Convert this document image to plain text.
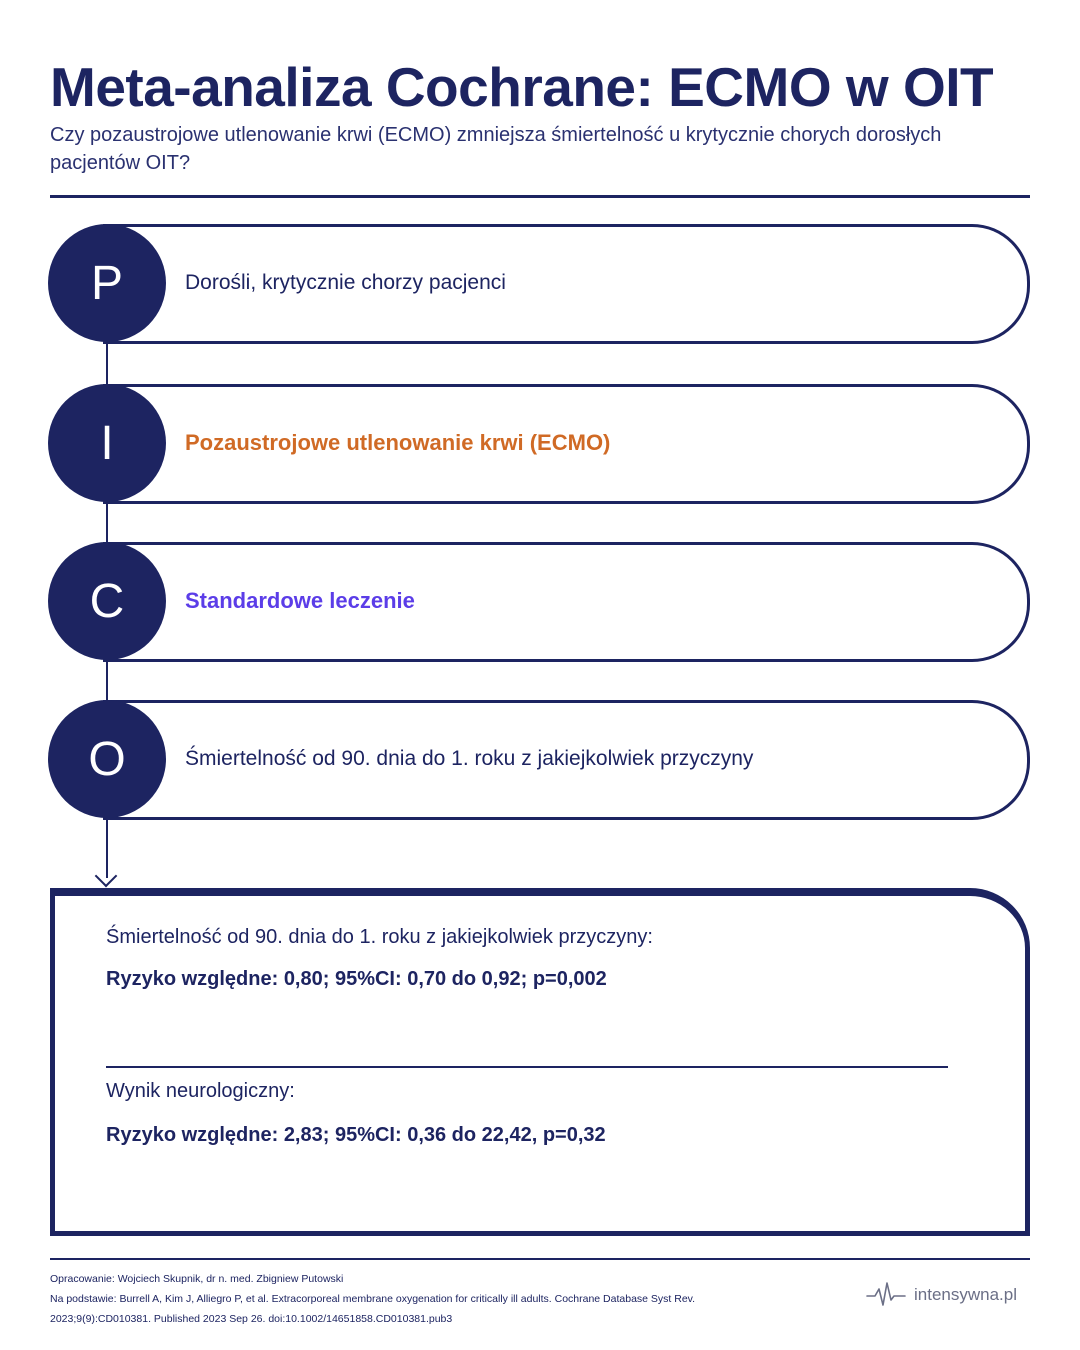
Meta-analiza Cochrane: ECMO w OIT

Czy pozaustrojowe utlenowanie krwi (ECMO) zmniejsza śmiertelność u krytycznie chorych dorosłych pacjentów OIT?

P	Dorośli, krytycznie chorzy pacjenci
I	Pozaustrojowe utlenowanie krwi (ECMO)
C	Standardowe leczenie
O	Śmiertelność od 90. dnia do 1. roku z jakiejkolwiek przyczyny
Śmiertelność od 90. dnia do 1. roku z jakiejkolwiek przyczyny:
Ryzyko względne: 0,80; 95%CI: 0,70 do 0,92; p=0,002
Wynik neurologiczny:
Ryzyko względne: 2,83; 95%CI: 0,36 do 22,42, p=0,32

Opracowanie: Wojciech Skupnik, dr n. med. Zbigniew Putowski

Na podstawie: Burrell A, Kim J, Alliegro P, et al. Extracorporeal membrane oxygenation for critically ill adults. Cochrane Database Syst Rev.

2023;9(9):CD010381. Published 2023 Sep 26. doi:10.1002/14651858.CD010381.pub3

intensywna.pl
